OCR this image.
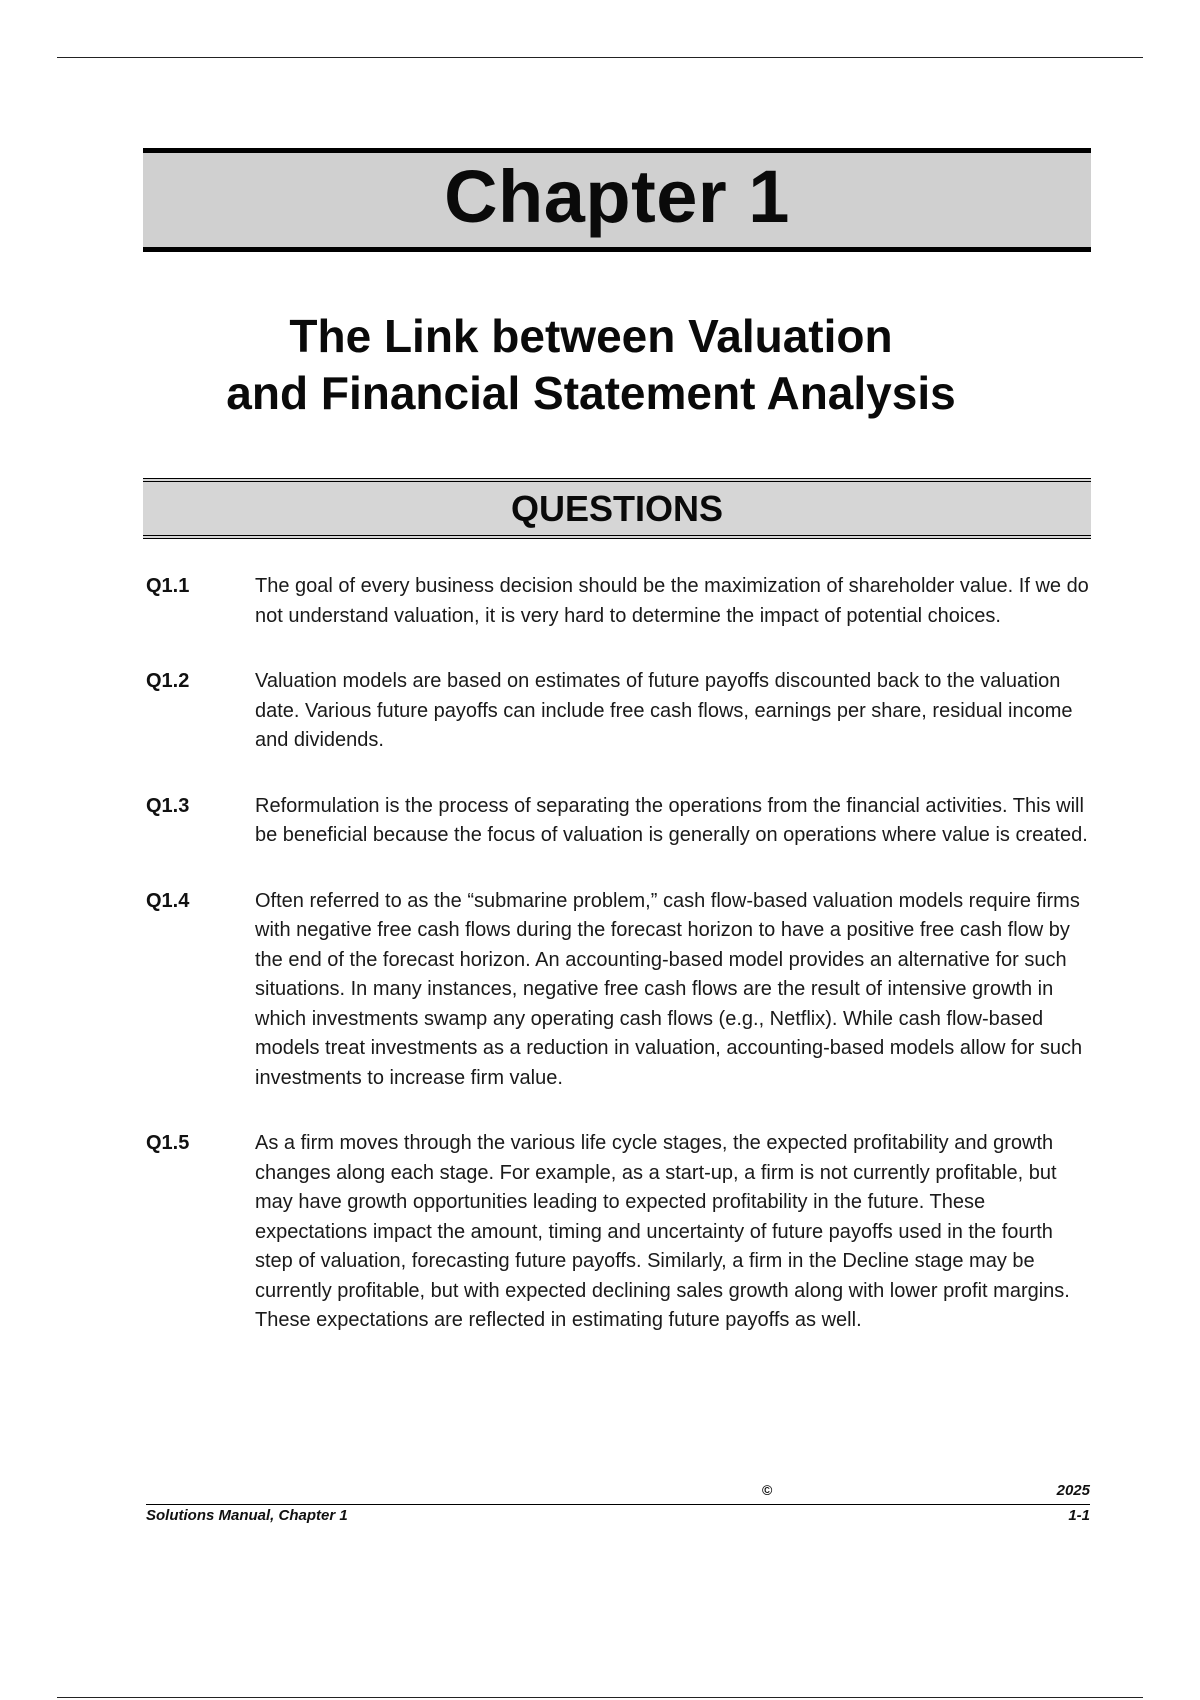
Chapter 1
The Link between Valuation
and Financial Statement Analysis
QUESTIONS
Q1.1	The goal of every business decision should be the maximization of shareholder value. If we do not understand valuation, it is very hard to determine the impact of potential choices.
Q1.2	Valuation models are based on estimates of future payoffs discounted back to the valuation date. Various future payoffs can include free cash flows, earnings per share, residual income and dividends.
Q1.3	Reformulation is the process of separating the operations from the financial activities. This will be beneficial because the focus of valuation is generally on operations where value is created.
Q1.4	Often referred to as the “submarine problem,” cash flow-based valuation models require firms with negative free cash flows during the forecast horizon to have a positive free cash flow by the end of the forecast horizon. An accounting-based model provides an alternative for such situations. In many instances, negative free cash flows are the result of intensive growth in which investments swamp any operating cash flows (e.g., Netflix). While cash flow-based models treat investments as a reduction in valuation, accounting-based models allow for such investments to increase firm value.
Q1.5	As a firm moves through the various life cycle stages, the expected profitability and growth changes along each stage. For example, as a start-up, a firm is not currently profitable, but may have growth opportunities leading to expected profitability in the future. These expectations impact the amount, timing and uncertainty of future payoffs used in the fourth step of valuation, forecasting future payoffs. Similarly, a firm in the Decline stage may be currently profitable, but with expected declining sales growth along with lower profit margins. These expectations are reflected in estimating future payoffs as well.
©	2025
Solutions Manual, Chapter 1	1-1
